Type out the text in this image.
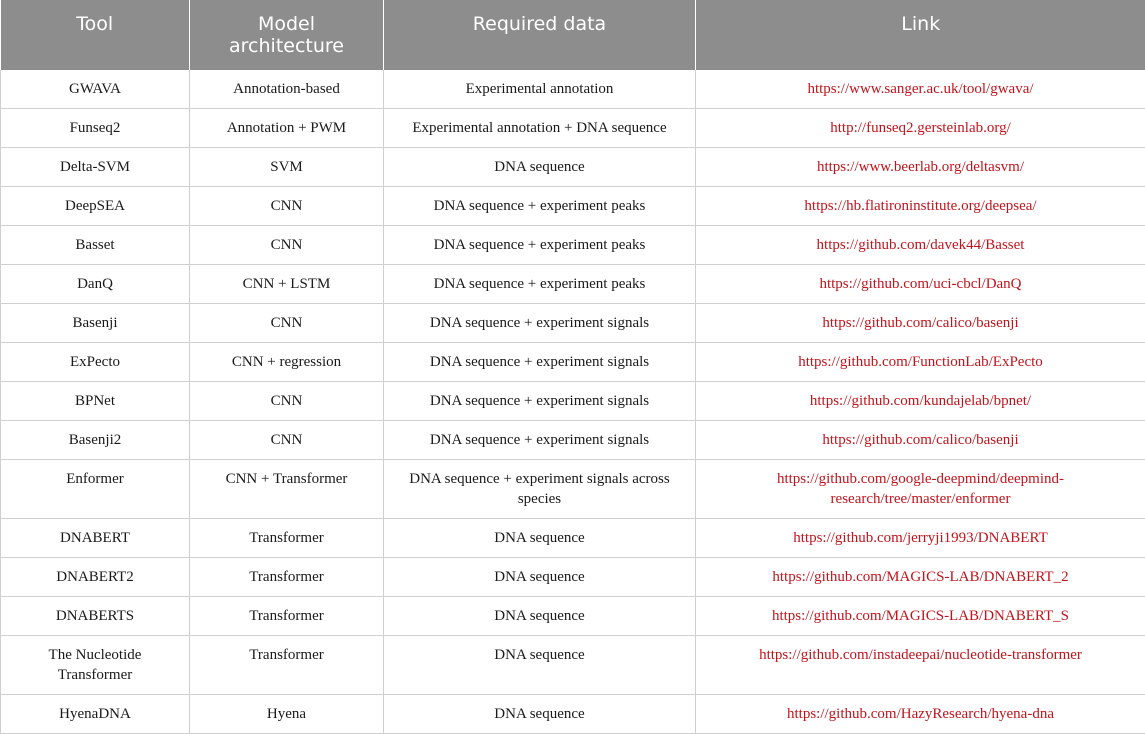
Tool	Model architecture	Required data	Link
GWAVA	Annotation-based	Experimental annotation	https://www.sanger.ac.uk/tool/gwava/
Funseq2	Annotation + PWM	Experimental annotation + DNA sequence	http://funseq2.gersteinlab.org/
Delta-SVM	SVM	DNA sequence	https://www.beerlab.org/deltasvm/
DeepSEA	CNN	DNA sequence + experiment peaks	https://hb.flatironinstitute.org/deepsea/
Basset	CNN	DNA sequence + experiment peaks	https://github.com/davek44/Basset
DanQ	CNN + LSTM	DNA sequence + experiment peaks	https://github.com/uci-cbcl/DanQ
Basenji	CNN	DNA sequence + experiment signals	https://github.com/calico/basenji
ExPecto	CNN + regression	DNA sequence + experiment signals	https://github.com/FunctionLab/ExPecto
BPNet	CNN	DNA sequence + experiment signals	https://github.com/kundajelab/bpnet/
Basenji2	CNN	DNA sequence + experiment signals	https://github.com/calico/basenji
Enformer	CNN + Transformer	DNA sequence + experiment signals across species	https://github.com/google-deepmind/deepmind-research/tree/master/enformer
DNABERT	Transformer	DNA sequence	https://github.com/jerryji1993/DNABERT
DNABERT2	Transformer	DNA sequence	https://github.com/MAGICS-LAB/DNABERT_2
DNABERTS	Transformer	DNA sequence	https://github.com/MAGICS-LAB/DNABERT_S
The Nucleotide Transformer	Transformer	DNA sequence	https://github.com/instadeepai/nucleotide-transformer
HyenaDNA	Hyena	DNA sequence	https://github.com/HazyResearch/hyena-dna
